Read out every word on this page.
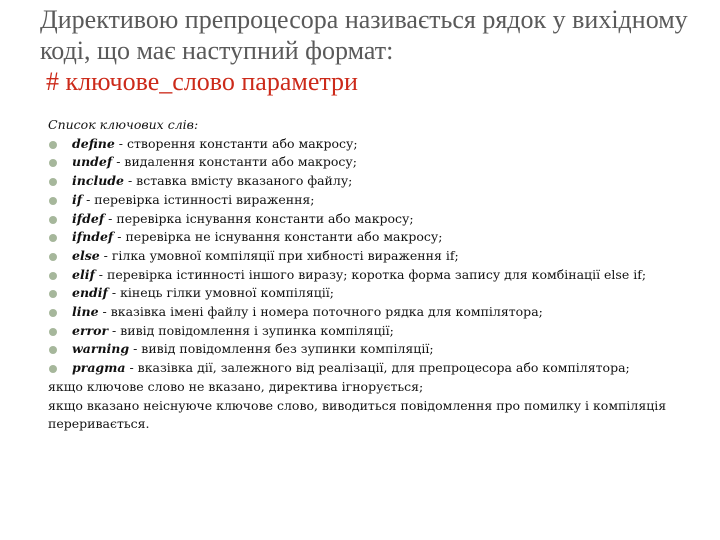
Директивою препроцесора називається рядок у вихідному коді, що має наступний формат:
# ключове_слово параметри

Список ключових слів:

define - створення константи або макросу;
undef - видалення константи або макросу;
include - вставка вмісту вказаного файлу;
if - перевірка істинності вираження;
ifdef - перевірка існування константи або макросу;
ifndef - перевірка не існування константи або макросу;
else - гілка умовної компіляції при хибності вираження if;
elif - перевірка істинності іншого виразу; коротка форма запису для комбінації else if;
endif - кінець гілки умовної компіляції;
line - вказівка імені файлу і номера поточного рядка для компілятора;
error - вивід повідомлення і зупинка компіляції;
warning - вивід повідомлення без зупинки компіляції;
pragma - вказівка дії, залежного від реалізації, для препроцесора або компілятора;

якщо ключове слово не вказано, директива ігнорується;

якщо вказано неіснуюче ключове слово, виводиться повідомлення про помилку і компіляція переривається.
